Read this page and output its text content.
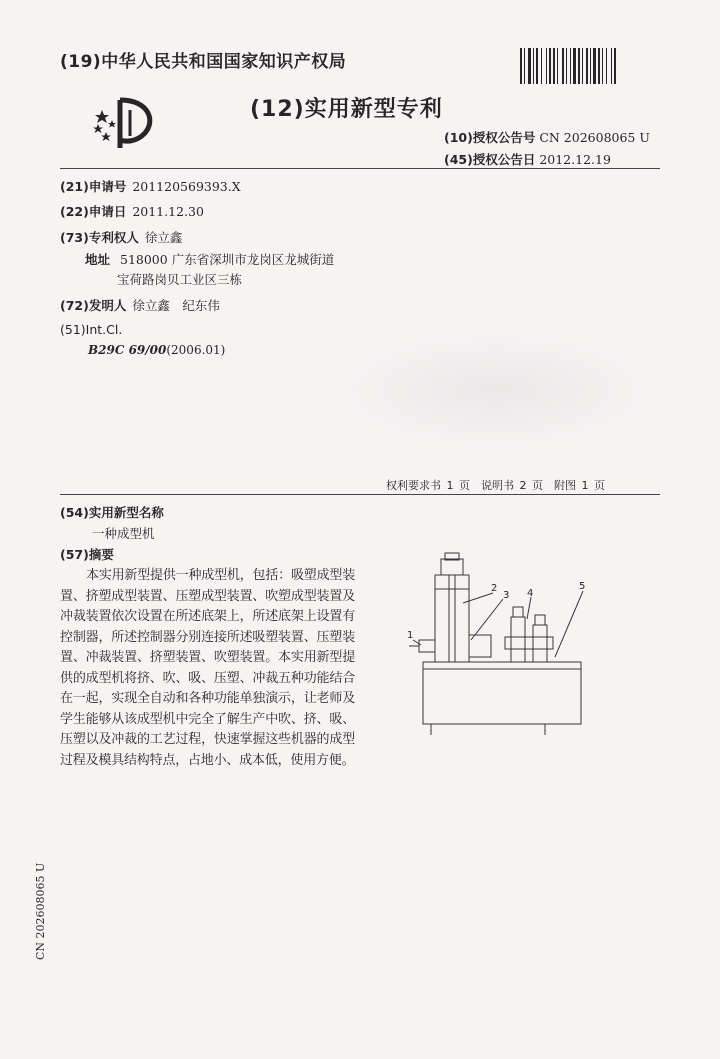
(19)中华人民共和国国家知识产权局
(12)实用新型专利
(10)授权公告号 CN 202608065 U
(45)授权公告日 2012.12.19
(21)申请号 201120569393.X
(22)申请日 2011.12.30
(73)专利权人 徐立鑫
地址 518000 广东省深圳市龙岗区龙城街道
宝荷路岗贝工业区三栋
(72)发明人 徐立鑫　纪东伟
(51)Int.Cl.
B29C 69/00(2006.01)
权利要求书 1 页　说明书 2 页　附图 1 页
(54)实用新型名称
一种成型机
(57)摘要
本实用新型提供一种成型机，包括：吸塑成型装置、挤塑成型装置、压塑成型装置、吹塑成型装置及冲裁装置依次设置在所述底架上，所述底架上设置有控制器，所述控制器分别连接所述吸塑装置、压塑装置、冲裁装置、挤塑装置、吹塑装置。本实用新型提供的成型机将挤、吹、吸、压塑、冲裁五种功能结合在一起，实现全自动和各种功能单独演示，让老师及学生能够从该成型机中完全了解生产中吹、挤、吸、压塑以及冲裁的工艺过程，快速掌握这些机器的成型过程及模具结构特点，占地小、成本低，使用方便。
1
2
3 4
5
CN 202608065 U
